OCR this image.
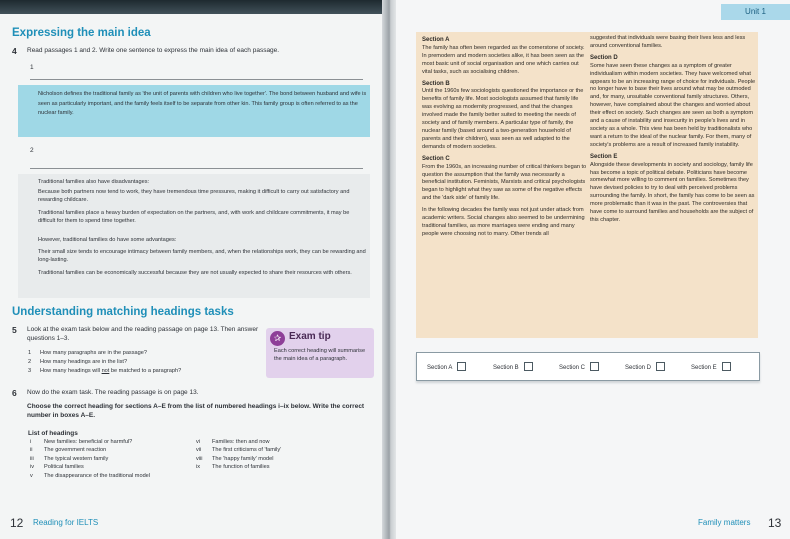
Expressing the main idea
4 Read passages 1 and 2. Write one sentence to express the main idea of each passage.
1
Nicholson defines the traditional family as 'the unit of parents with children who live together'. The bond between husband and wife is seen as particularly important, and the family feels itself to be separate from other kin. This family group is often referred to as the nuclear family.
2
Traditional families also have disadvantages:
Because both partners now tend to work, they have tremendous time pressures, making it difficult to carry out satisfactory and rewarding childcare.
Traditional families place a heavy burden of expectation on the partners, and, with work and childcare commitments, it may be difficult for them to spend time together.
However, traditional families do have some advantages:
Their small size tends to encourage intimacy between family members, and, when the relationships work, they can be rewarding and long-lasting.
Traditional families can be economically successful because they are not usually expected to share their resources with others.
Understanding matching headings tasks
5 Look at the exam task below and the reading passage on page 13. Then answer questions 1–3.
1 How many paragraphs are in the passage?
2 How many headings are in the list?
3 How many headings will not be matched to a paragraph?
✰ Exam tip
Each correct heading will summarise the main idea of a paragraph.
6 Now do the exam task. The reading passage is on page 13.
Choose the correct heading for sections A–E from the list of numbered headings i–ix below. Write the correct number in boxes A–E.
List of headings
i New families: beneficial or harmful?
ii The government reaction
iii The typical western family
iv Political families
v The disappearance of the traditional model
vi Families: then and now
vii The first criticisms of 'family'
viii The 'happy family' model
ix The function of families
12 Reading for IELTS
Unit 1
Section A

The family has often been regarded as the cornerstone of society. In premodern and modern societies alike, it has been seen as the most basic unit of social organisation and one which carries out vital tasks, such as socialising children.

Section B

Until the 1960s few sociologists questioned the importance or the benefits of family life. Most sociologists assumed that family life was evolving as modernity progressed, and that the changes involved made the family better suited to meeting the needs of society and of family members. A particular type of family, the nuclear family (based around a two-generation household of parents and their children), was seen as well adapted to the demands of modern societies.

Section C

From the 1960s, an increasing number of critical thinkers began to question the assumption that the family was necessarily a beneficial institution. Feminists, Marxists and critical psychologists began to highlight what they saw as some of the negative effects and the 'dark side' of family life.

In the following decades the family was not just under attack from academic writers. Social changes also seemed to be undermining traditional families, as more marriages were ending and many people were choosing not to marry. Other trends all

suggested that individuals were basing their lives less and less around conventional families.

Section D

Some have seen these changes as a symptom of greater individualism within modern societies. They have welcomed what appears to be an increasing range of choice for individuals. People no longer have to base their lives around what may be outmoded and, for many, unsuitable conventional family structures. Others, however, have complained about the changes and worried about their effect on society. Such changes are seen as both a symptom and a cause of instability and insecurity in people's lives and in society as a whole. This view has been held by traditionalists who want a return to the ideal of the nuclear family. For them, many of society's problems are a result of increased family instability.

Section E

Alongside these developments in society and sociology, family life has become a topic of political debate. Politicians have become somewhat more willing to comment on families. Sometimes they have devised policies to try to deal with perceived problems surrounding the family. In short, the family has come to be seen as more problematic than it was in the past. The controversies that have come to surround families and households are the subject of this chapter.

Section A	Section B	Section C	Section D	Section E
Family matters 13
